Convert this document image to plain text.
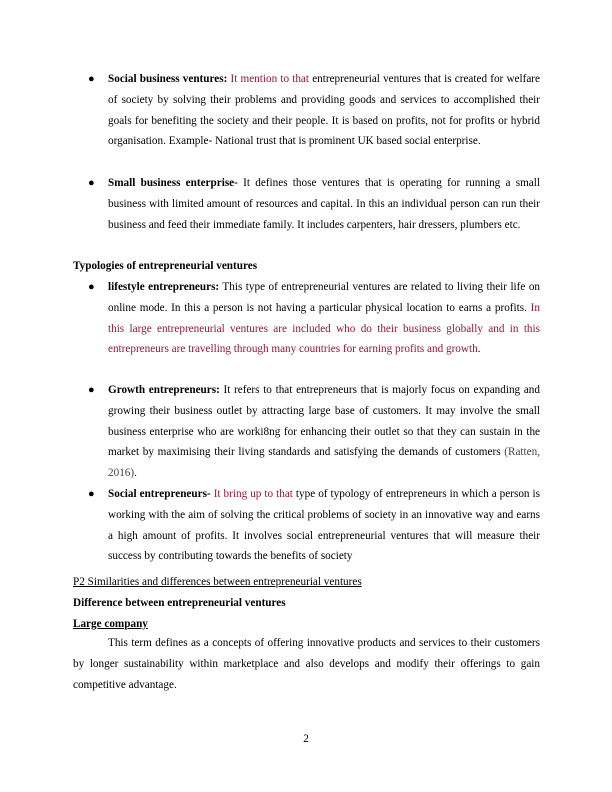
● Social business ventures: It mention to that entrepreneurial ventures that is created for welfare of society by solving their problems and providing goods and services to accomplished their goals for benefiting the society and their people. It is based on profits, not for profits or hybrid organisation. Example- National trust that is prominent UK based social enterprise.

● Small business enterprise- It defines those ventures that is operating for running a small business with limited amount of resources and capital. In this an individual person can run their business and feed their immediate family. It includes carpenters, hair dressers, plumbers etc.

Typologies of entrepreneurial ventures

● lifestyle entrepreneurs: This type of entrepreneurial ventures are related to living their life on online mode. In this a person is not having a particular physical location to earns a profits. In this large entrepreneurial ventures are included who do their business globally and in this entrepreneurs are travelling through many countries for earning profits and growth.

● Growth entrepreneurs: It refers to that entrepreneurs that is majorly focus on expanding and growing their business outlet by attracting large base of customers. It may involve the small business enterprise who are worki8ng for enhancing their outlet so that they can sustain in the market by maximising their living standards and satisfying the demands of customers (Ratten, 2016).

● Social entrepreneurs- It bring up to that type of typology of entrepreneurs in which a person is working with the aim of solving the critical problems of society in an innovative way and earns a high amount of profits. It involves social entrepreneurial ventures that will measure their success by contributing towards the benefits of society

P2 Similarities and differences between entrepreneurial ventures

Difference between entrepreneurial ventures

Large company

This term defines as a concepts of offering innovative products and services to their customers by longer sustainability within marketplace and also develops and modify their offerings to gain competitive advantage.

2
